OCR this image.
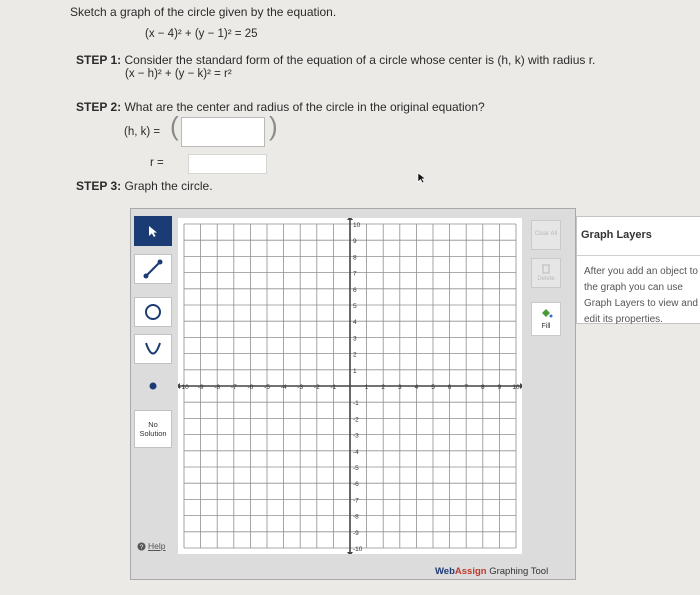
Sketch a graph of the circle given by the equation.
(x − 4)² + (y − 1)² = 25
STEP 1: Consider the standard form of the equation of a circle whose center is (h, k) with radius r.
(x − h)² + (y − k)² = r²
STEP 2: What are the center and radius of the circle in the original equation?
(h, k) = (	)
r =
STEP 3: Graph the circle.
No
Solution
? Help
-10 -9 -8 -7 -6 -5 -4 -3 -2 -1	1 2 3 4 5 6 7 8 9 10
10
9
8
7
6
5
4
3
2
1
-1
-2
-3
-4
-5
-6
-7
-8
-9
-10
Clear All
Delete
Fill
WebAssign Graphing Tool
Graph Layers
After you add an object to the graph you can use Graph Layers to view and edit its properties.
